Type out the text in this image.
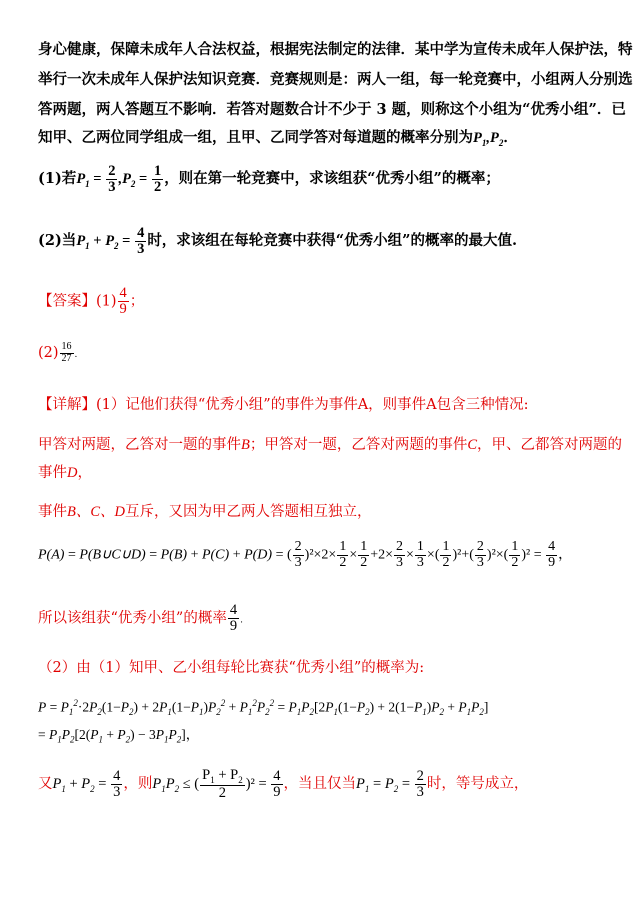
身心健康，保障未成年人合法权益，根据宪法制定的法律．某中学为宣传未成年人保护法，特
举行一次未成年人保护法知识竞赛．竞赛规则是：两人一组，每一轮竞赛中，小组两人分别选
答两题，两人答题互不影响．若答对题数合计不少于 3 题，则称这个小组为“优秀小组”．已
知甲、乙两位同学组成一组，且甲、乙同学答对每道题的概率分别为$P_1,P_2$．
(1)若$P_1 = \frac{2}{3} ,P_2 = \frac{1}{2}$ ，则在第一轮竞赛中，求该组获“优秀小组”的概率；
(2)当$P_1 + P_2 = \frac{4}{3}$ 时，求该组在每轮竞赛中获得“优秀小组”的概率的最大值.
【答案】$(1) \frac{4}{9}$ ；
$(2) \frac{16}{27}$ .
【详解】(1）记他们获得“优秀小组”的事件为事件A，则事件A包含三种情况:
甲答对两题，乙答对一题的事件B；甲答对一题，乙答对两题的事件C，甲、乙都答对两题的
事件D，
事件B、C、D互斥，又因为甲乙两人答题相互独立，
P(A) = P(B∪C∪D) = P(B) + P(C) + P(D) = ( $\frac{2}{3} )^2\times 2\times \frac{1}{2} \times \frac{1}{2} +2\times \frac{2}{3} \times \frac{1}{3}$ ×( $\frac{1}{2} )^2+( \frac{2}{3} )^2\times( \frac{1}{2} )^2 = \frac{4}{9}$ ，
所以该组获“优秀小组”的概率 $\frac{4}{9}$ .
（2）由（1）知甲、乙小组每轮比赛获“优秀小组”的概率为:
$P = P_1^2\cdot 2P_2(1-P_2) + 2P_1(1-P_1)P_2^2 + P_1^2P_2^2 = P_1P_2[2P_1(1-P_2) + 2(1-P_1)P_2 + P_1P_2]$
= $P_1P_2[2(P_1 + P_2) - 3P_1P_2]$，
又$P_1 + P_2 = \frac{4}{3}$ ，则$P_1P_2$ ≤ ( $\frac{P_1 + P_2}{2} )^2 = \frac{4}{9}$ ，当且仅当$P_1 = P_2 = \frac{2}{3}$ 时，等号成立，
